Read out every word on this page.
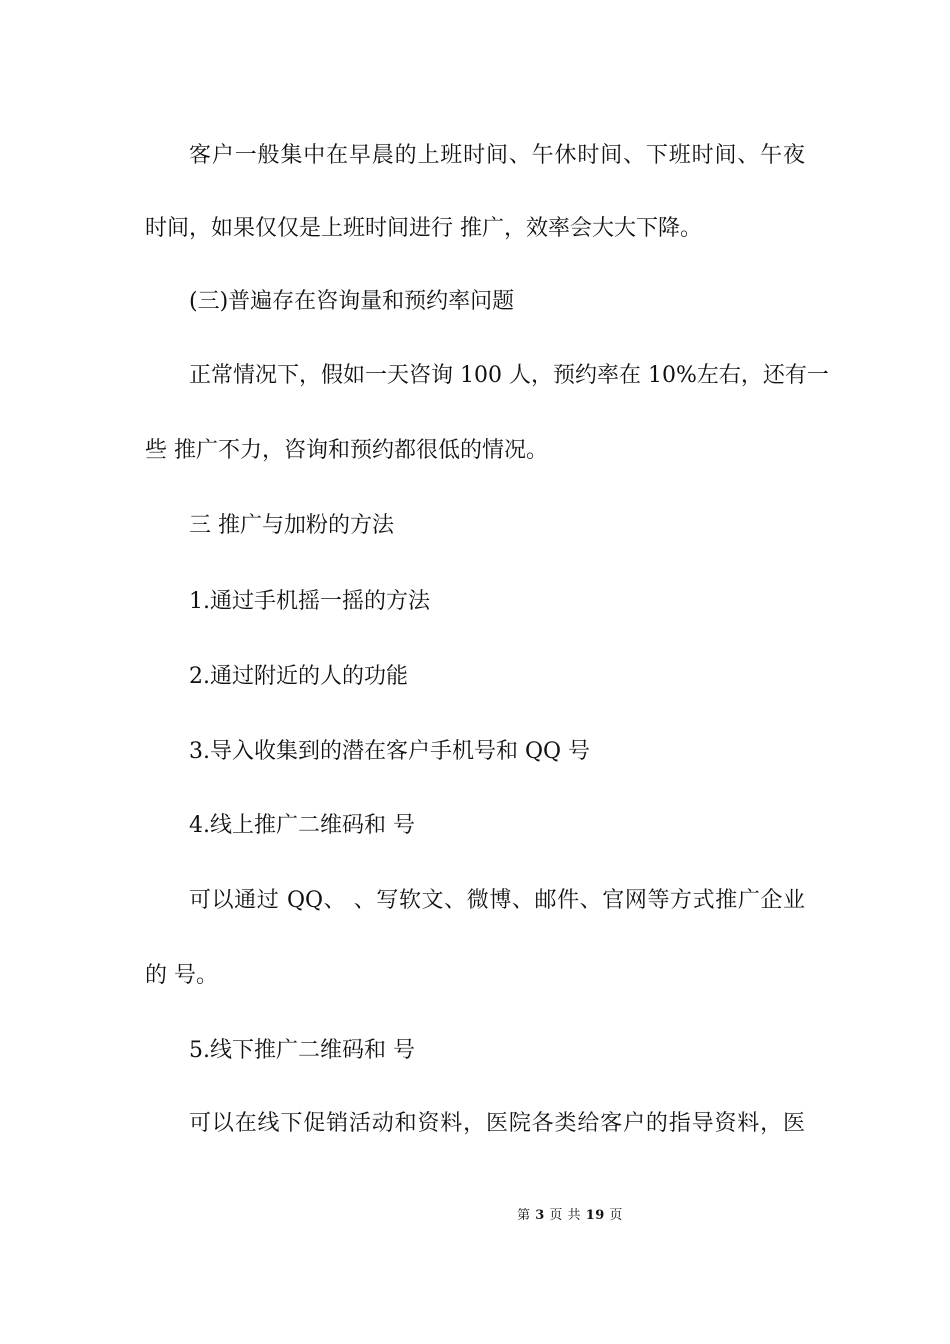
客户一般集中在早晨的上班时间、午休时间、下班时间、午夜
时间，如果仅仅是上班时间进行 推广，效率会大大下降。
(三)普遍存在咨询量和预约率问题
正常情况下，假如一天咨询 100 人，预约率在 10%左右，还有一
些 推广不力，咨询和预约都很低的情况。
三 推广与加粉的方法
1.通过手机摇一摇的方法
2.通过附近的人的功能
3.导入收集到的潜在客户手机号和 QQ 号
4.线上推广二维码和 号
可以通过 QQ、 、写软文、微博、邮件、官网等方式推广企业
的 号。
5.线下推广二维码和 号
可以在线下促销活动和资料，医院各类给客户的指导资料，医
第 3 页 共 19 页
